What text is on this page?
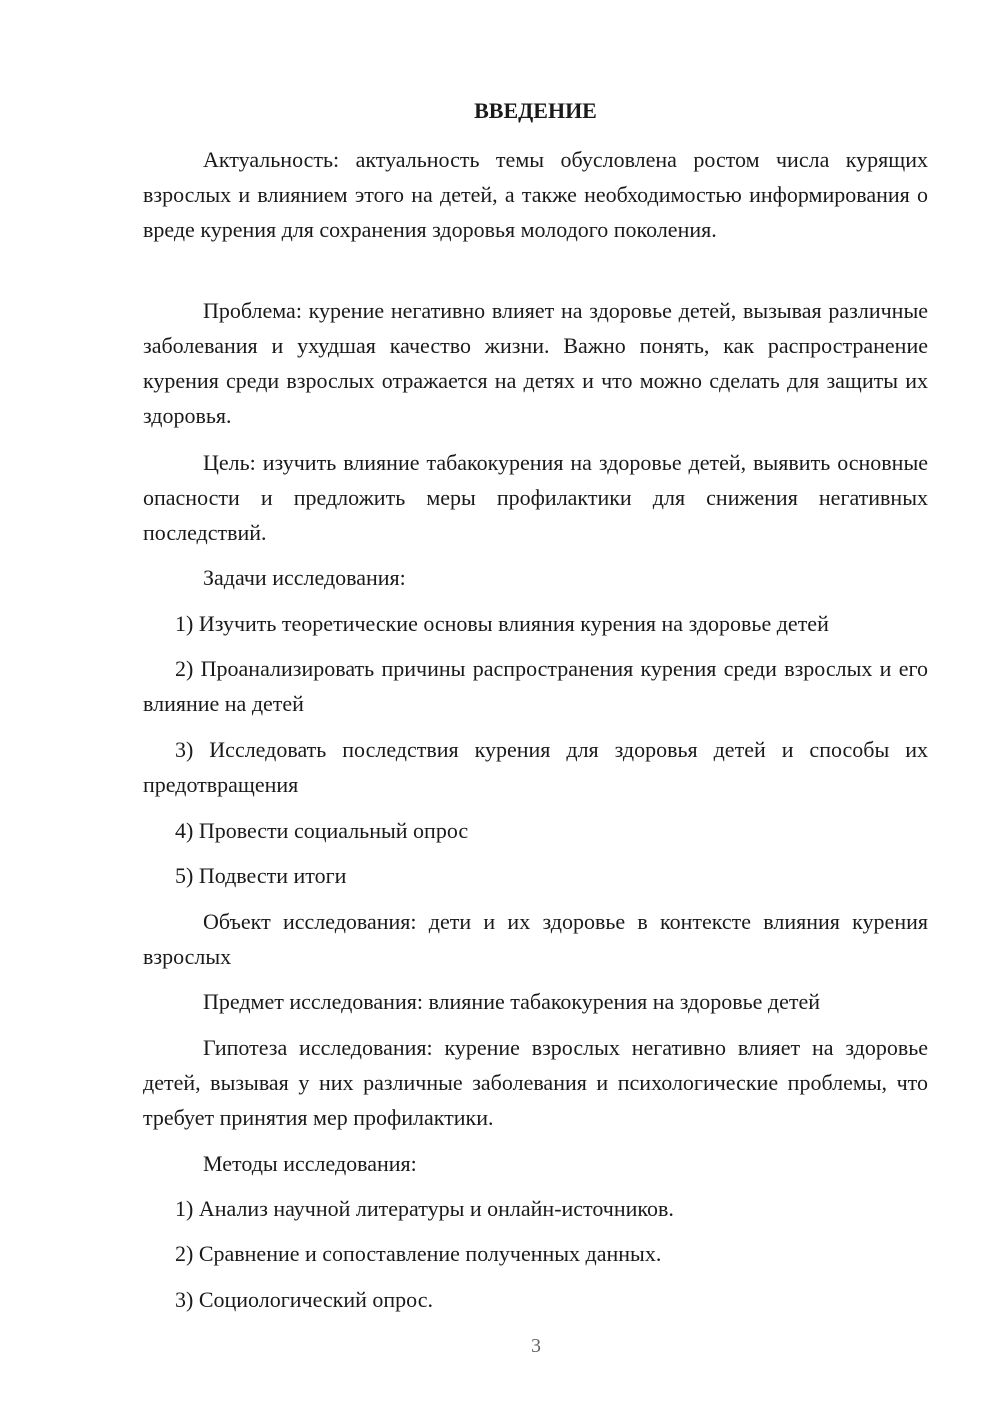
ВВЕДЕНИЕ

Актуальность: актуальность темы обусловлена ростом числа курящих взрослых и влиянием этого на детей, а также необходимостью информирования о вреде курения для сохранения здоровья молодого поколения.

Проблема: курение негативно влияет на здоровье детей, вызывая различные заболевания и ухудшая качество жизни. Важно понять, как распространение курения среди взрослых отражается на детях и что можно сделать для защиты их здоровья.

Цель: изучить влияние табакокурения на здоровье детей, выявить основные опасности и предложить меры профилактики для снижения негативных последствий.

Задачи исследования:

1) Изучить теоретические основы влияния курения на здоровье детей

2) Проанализировать причины распространения курения среди взрослых и его влияние на детей

3) Исследовать последствия курения для здоровья детей и способы их предотвращения

4) Провести социальный опрос

5) Подвести итоги

Объект исследования: дети и их здоровье в контексте влияния курения взрослых

Предмет исследования: влияние табакокурения на здоровье детей

Гипотеза исследования: курение взрослых негативно влияет на здоровье детей, вызывая у них различные заболевания и психологические проблемы, что требует принятия мер профилактики.

Методы исследования:

1) Анализ научной литературы и онлайн-источников.

2) Сравнение и сопоставление полученных данных.

3) Социологический опрос.

3
